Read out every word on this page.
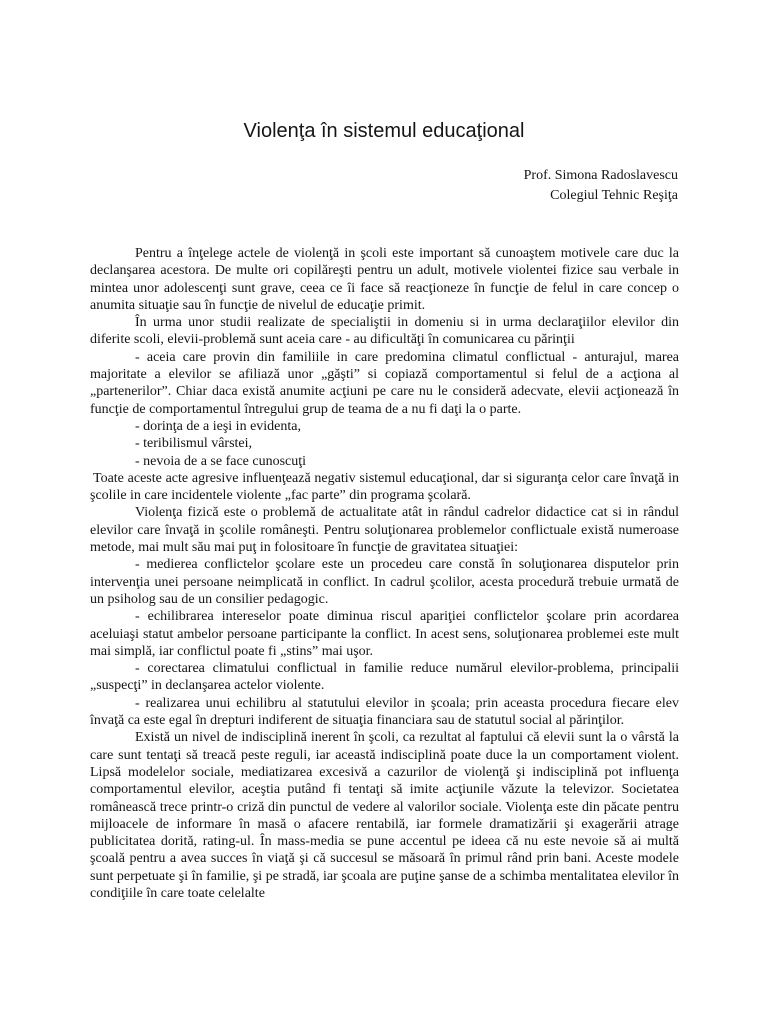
Violenţa în sistemul educaţional
Prof. Simona Radoslavescu
Colegiul Tehnic Reşiţa

Pentru a înţelege actele de violenţă in şcoli este important să cunoaştem motivele care duc la declanşarea acestora. De multe ori copilăreşti pentru un adult, motivele violentei fizice sau verbale in mintea unor adolescenţi sunt grave, ceea ce îi face să reacţioneze în funcţie de felul in care concep o anumita situaţie sau în funcţie de nivelul de educaţie primit.

În urma unor studii realizate de specialiştii in domeniu si in urma declaraţiilor elevilor din diferite scoli, elevii-problemă sunt aceia care - au dificultăţi în comunicarea cu părinţii

- aceia care provin din familiile in care predomina climatul conflictual - anturajul, marea majoritate a elevilor se afiliază unor „găşti” si copiază comportamentul si felul de a acţiona al „partenerilor”. Chiar daca există anumite acţiuni pe care nu le consideră adecvate, elevii acţionează în funcţie de comportamentul întregului grup de teama de a nu fi daţi la o parte.

- dorinţa de a ieşi in evidenta,

- teribilismul vârstei,

- nevoia de a se face cunoscuţi

Toate aceste acte agresive influenţează negativ sistemul educaţional, dar si siguranţa celor care învaţă in şcolile in care incidentele violente „fac parte” din programa şcolară.

Violenţa fizică este o problemă de actualitate atât in rândul cadrelor didactice cat si in rândul elevilor care învaţă in şcolile româneşti. Pentru soluţionarea problemelor conflictuale există numeroase metode, mai mult său mai puţ in folositoare în funcţie de gravitatea situaţiei:

- medierea conflictelor şcolare este un procedeu care constă în soluţionarea disputelor prin intervenţia unei persoane neimplicată in conflict. In cadrul şcolilor, acesta procedură trebuie urmată de un psiholog sau de un consilier pedagogic.

- echilibrarea intereselor poate diminua riscul apariţiei conflictelor şcolare prin acordarea aceluiaşi statut ambelor persoane participante la conflict. In acest sens, soluţionarea problemei este mult mai simplă, iar conflictul poate fi „stins” mai uşor.

- corectarea climatului conflictual in familie reduce numărul elevilor-problema, principalii „suspecţi” in declanşarea actelor violente.

- realizarea unui echilibru al statutului elevilor in şcoala; prin aceasta procedura fiecare elev învaţă ca este egal în drepturi indiferent de situaţia financiara sau de statutul social al părinţilor.

Există un nivel de indisciplină inerent în şcoli, ca rezultat al faptului că elevii sunt la o vârstă la care sunt tentaţi să treacă peste reguli, iar această indisciplină poate duce la un comportament violent. Lipsă modelelor sociale, mediatizarea excesivă a cazurilor de violenţă şi indisciplină pot influenţa comportamentul elevilor, aceştia putând fi tentaţi să imite acţiunile văzute la televizor. Societatea românească trece printr-o criză din punctul de vedere al valorilor sociale. Violenţa este din păcate pentru mijloacele de informare în masă o afacere rentabilă, iar formele dramatizării şi exagerării atrage publicitatea dorită, rating-ul. În mass-media se pune accentul pe ideea că nu este nevoie să ai multă şcoală pentru a avea succes în viaţă şi că succesul se măsoară în primul rând prin bani. Aceste modele sunt perpetuate şi în familie, şi pe stradă, iar şcoala are puţine şanse de a schimba mentalitatea elevilor în condiţiile în care toate celelalte
